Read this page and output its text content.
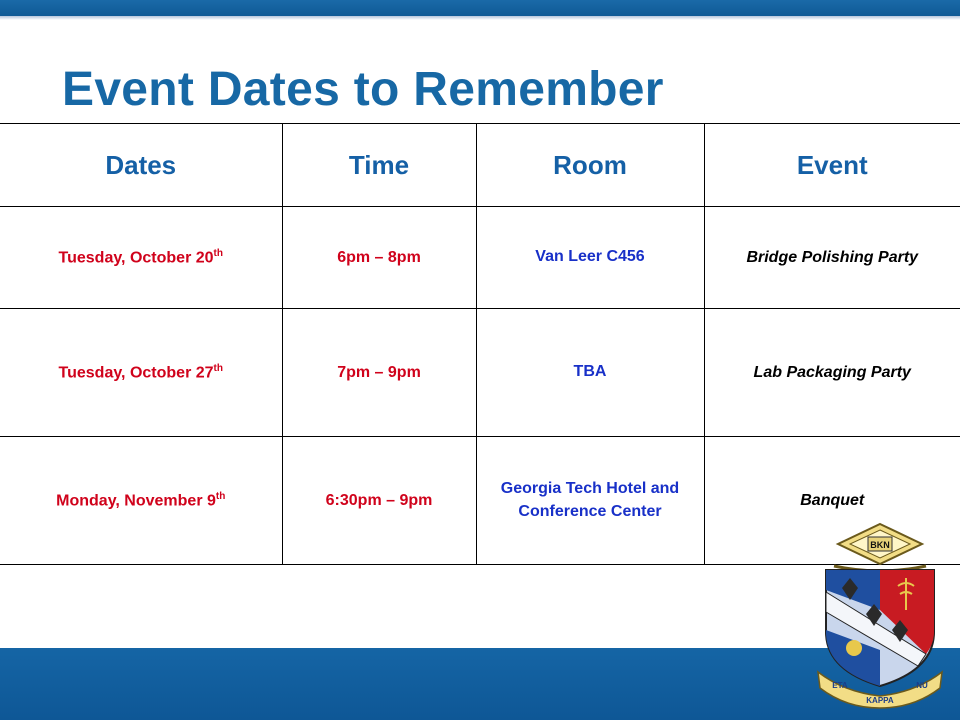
Event Dates to Remember
Dates	Time	Room	Event
Tuesday, October 20th	6pm – 8pm	Van Leer C456	Bridge Polishing Party
Tuesday, October 27th	7pm – 9pm	TBA	Lab Packaging Party
Monday, November 9th	6:30pm – 9pm	Georgia Tech Hotel and Conference Center	Banquet
BKN
ETA
KAPPA
NU
